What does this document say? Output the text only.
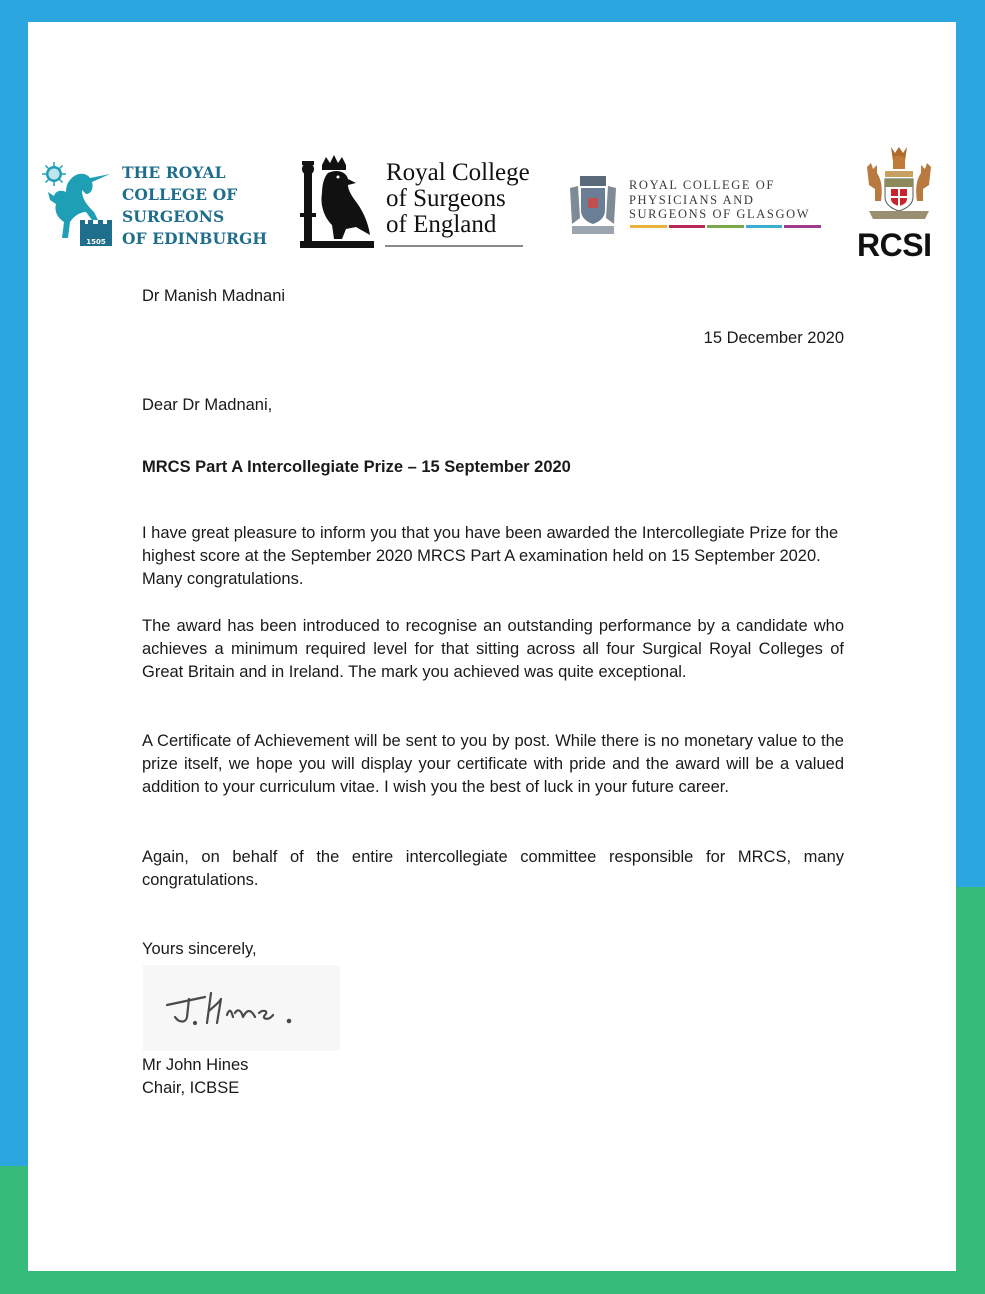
1505
THE ROYAL
COLLEGE OF
SURGEONS
OF EDINBURGH
Royal College
of Surgeons
of England
ROYAL COLLEGE OF
PHYSICIANS AND
SURGEONS OF GLASGOW
RCSI
Dr Manish Madnani
15 December 2020
Dear Dr Madnani,
MRCS Part A Intercollegiate Prize – 15 September 2020
I have great pleasure to inform you that you have been awarded the Intercollegiate Prize for the highest score at the September 2020 MRCS Part A examination held on 15 September 2020. Many congratulations.
The award has been introduced to recognise an outstanding performance by a candidate who achieves a minimum required level for that sitting across all four Surgical Royal Colleges of Great Britain and in Ireland. The mark you achieved was quite exceptional.
A Certificate of Achievement will be sent to you by post. While there is no monetary value to the prize itself, we hope you will display your certificate with pride and the award will be a valued addition to your curriculum vitae. I wish you the best of luck in your future career.
Again, on behalf of the entire intercollegiate committee responsible for MRCS, many congratulations.
Yours sincerely,
Mr John Hines
Chair, ICBSE
